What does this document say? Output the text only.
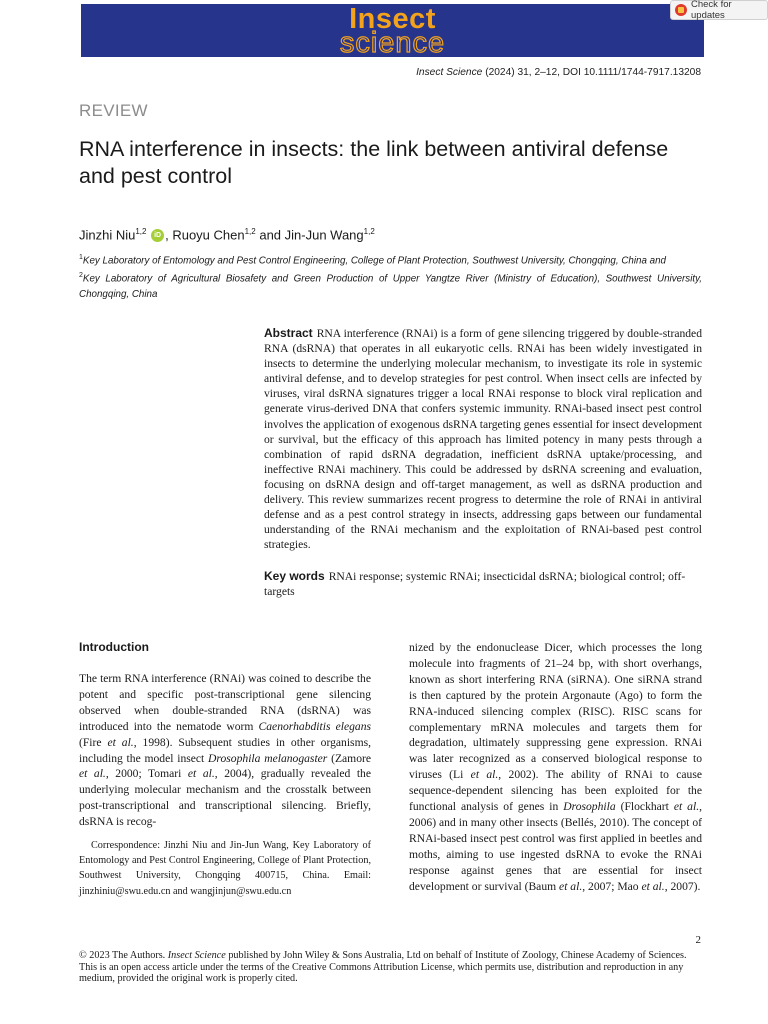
Insect
science
Check for updates
Insect Science (2024) 31, 2–12, DOI 10.1111/1744-7917.13208
REVIEW
RNA interference in insects: the link between antiviral defense and pest control
Jinzhi Niu$^{1,2}$ iD , Ruoyu Chen$^{1,2}$ and Jin-Jun Wang$^{1,2}$
$^1$Key Laboratory of Entomology and Pest Control Engineering, College of Plant Protection, Southwest University, Chongqing, China and
$^2$Key Laboratory of Agricultural Biosafety and Green Production of Upper Yangtze River (Ministry of Education), Southwest University, Chongqing, China
Abstract RNA interference (RNAi) is a form of gene silencing triggered by double-stranded RNA (dsRNA) that operates in all eukaryotic cells. RNAi has been widely investigated in insects to determine the underlying molecular mechanism, to investigate its role in systemic antiviral defense, and to develop strategies for pest control. When insect cells are infected by viruses, viral dsRNA signatures trigger a local RNAi response to block viral replication and generate virus-derived DNA that confers systemic immunity. RNAi-based insect pest control involves the application of exogenous dsRNA targeting genes essential for insect development or survival, but the efficacy of this approach has limited potency in many pests through a combination of rapid dsRNA degradation, inefficient dsRNA uptake/processing, and ineffective RNAi machinery. This could be addressed by dsRNA screening and evaluation, focusing on dsRNA design and off-target management, as well as dsRNA production and delivery. This review summarizes recent progress to determine the role of RNAi in antiviral defense and as a pest control strategy in insects, addressing gaps between our fundamental understanding of the RNAi mechanism and the exploitation of RNAi-based pest control strategies.
Key words RNAi response; systemic RNAi; insecticidal dsRNA; biological control; off-targets
Introduction
The term RNA interference (RNAi) was coined to describe the potent and specific post-transcriptional gene silencing observed when double-stranded RNA (dsRNA) was introduced into the nematode worm Caenorhabditis elegans (Fire et al., 1998). Subsequent studies in other organisms, including the model insect Drosophila melanogaster (Zamore et al., 2000; Tomari et al., 2004), gradually revealed the underlying molecular mechanism and the crosstalk between post-transcriptional and transcriptional silencing. Briefly, dsRNA is recog-
Correspondence: Jinzhi Niu and Jin-Jun Wang, Key Laboratory of Entomology and Pest Control Engineering, College of Plant Protection, Southwest University, Chongqing 400715, China. Email: jinzhiniu@swu.edu.cn and wangjinjun@swu.edu.cn
nized by the endonuclease Dicer, which processes the long molecule into fragments of 21–24 bp, with short overhangs, known as short interfering RNA (siRNA). One siRNA strand is then captured by the protein Argonaute (Ago) to form the RNA-induced silencing complex (RISC). RISC scans for complementary mRNA molecules and targets them for degradation, ultimately suppressing gene expression. RNAi was later recognized as a conserved biological response to viruses (Li et al., 2002). The ability of RNAi to cause sequence-dependent silencing has been exploited for the functional analysis of genes in Drosophila (Flockhart et al., 2006) and in many other insects (Bellés, 2010). The concept of RNAi-based insect pest control was first applied in beetles and moths, aiming to use ingested dsRNA to evoke the RNAi response against genes that are essential for insect development or survival (Baum et al., 2007; Mao et al., 2007).
2

© 2023 The Authors. Insect Science published by John Wiley & Sons Australia, Ltd on behalf of Institute of Zoology, Chinese Academy of Sciences.

This is an open access article under the terms of the Creative Commons Attribution License, which permits use, distribution and reproduction in any medium, provided the original work is properly cited.
